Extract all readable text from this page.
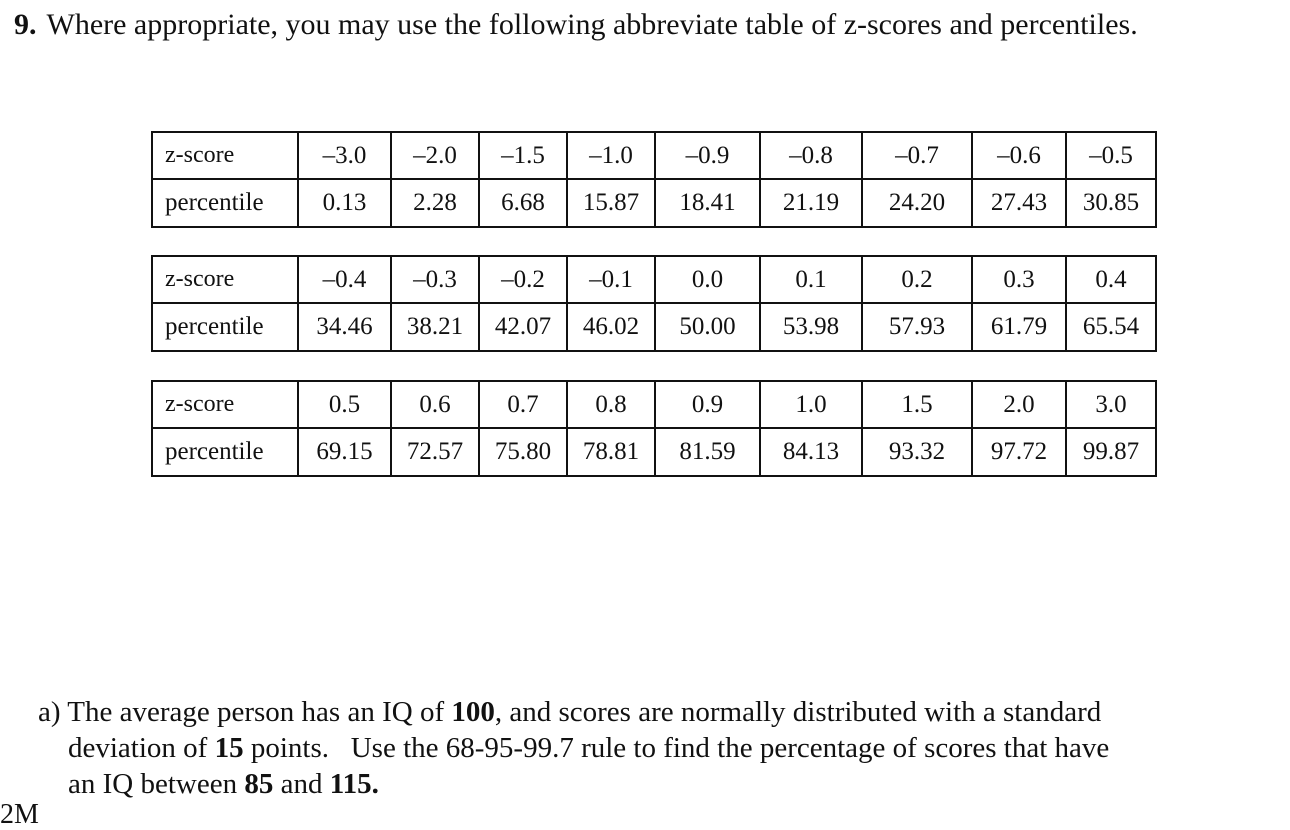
9. Where appropriate, you may use the following abbreviate table of z-scores and percentiles.
z-score	–3.0	–2.0	–1.5	–1.0	–0.9	–0.8	–0.7	–0.6	–0.5
percentile	0.13	2.28	6.68	15.87	18.41	21.19	24.20	27.43	30.85
z-score	–0.4	–0.3	–0.2	–0.1	0.0	0.1	0.2	0.3	0.4
percentile	34.46	38.21	42.07	46.02	50.00	53.98	57.93	61.79	65.54
z-score	0.5	0.6	0.7	0.8	0.9	1.0	1.5	2.0	3.0
percentile	69.15	72.57	75.80	78.81	81.59	84.13	93.32	97.72	99.87
a) The average person has an IQ of 100, and scores are normally distributed with a standard
deviation of 15 points.   Use the 68-95-99.7 rule to find the percentage of scores that have
an IQ between 85 and 115.
2M
